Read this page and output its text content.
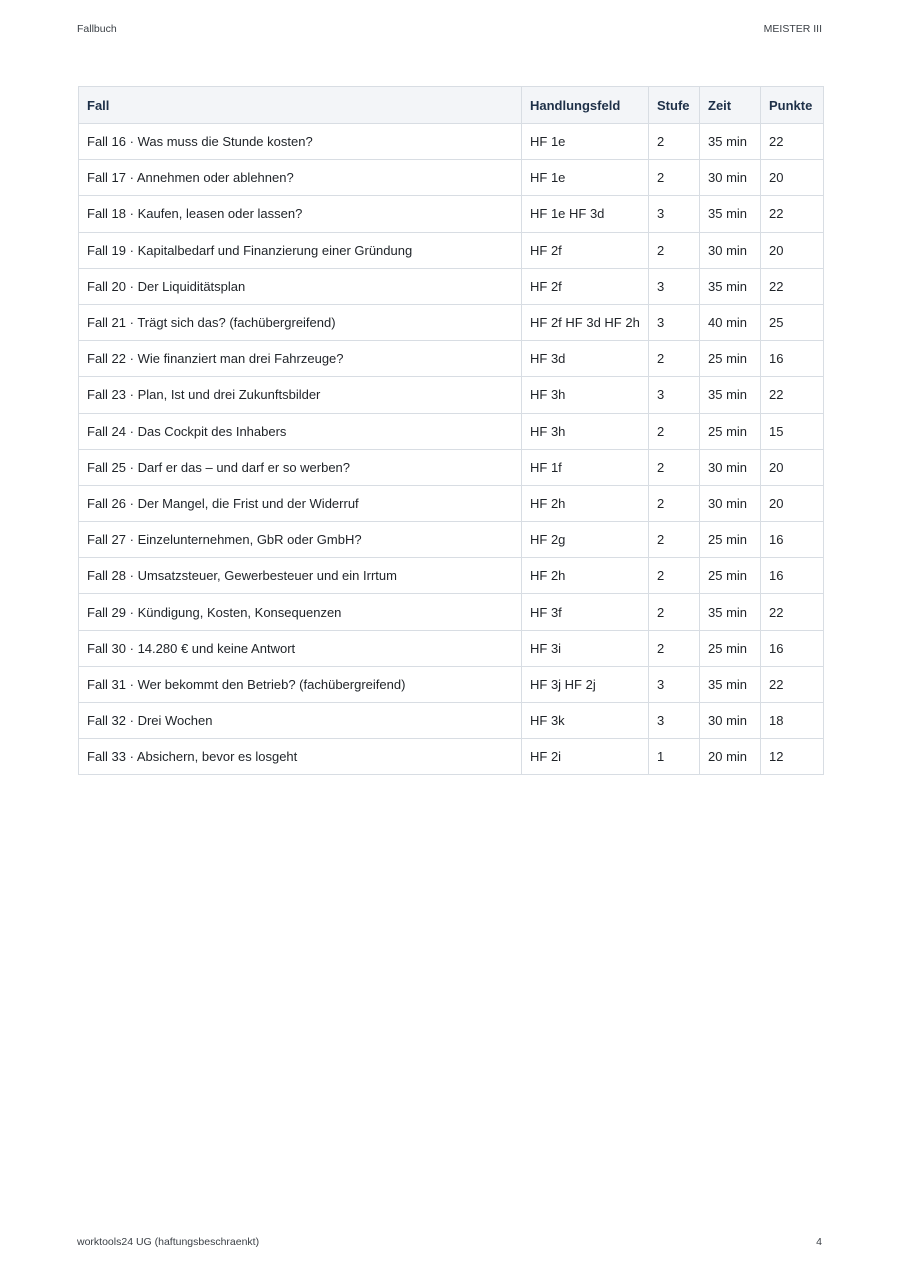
Fallbuch	MEISTER III
Fall	Handlungsfeld	Stufe	Zeit	Punkte
Fall 16 · Was muss die Stunde kosten?	HF 1e	2	35 min	22
Fall 17 · Annehmen oder ablehnen?	HF 1e	2	30 min	20
Fall 18 · Kaufen, leasen oder lassen?	HF 1e HF 3d	3	35 min	22
Fall 19 · Kapitalbedarf und Finanzierung einer Gründung	HF 2f	2	30 min	20
Fall 20 · Der Liquiditätsplan	HF 2f	3	35 min	22
Fall 21 · Trägt sich das? (fachübergreifend)	HF 2f HF 3d HF 2h	3	40 min	25
Fall 22 · Wie finanziert man drei Fahrzeuge?	HF 3d	2	25 min	16
Fall 23 · Plan, Ist und drei Zukunftsbilder	HF 3h	3	35 min	22
Fall 24 · Das Cockpit des Inhabers	HF 3h	2	25 min	15
Fall 25 · Darf er das – und darf er so werben?	HF 1f	2	30 min	20
Fall 26 · Der Mangel, die Frist und der Widerruf	HF 2h	2	30 min	20
Fall 27 · Einzelunternehmen, GbR oder GmbH?	HF 2g	2	25 min	16
Fall 28 · Umsatzsteuer, Gewerbesteuer und ein Irrtum	HF 2h	2	25 min	16
Fall 29 · Kündigung, Kosten, Konsequenzen	HF 3f	2	35 min	22
Fall 30 · 14.280 € und keine Antwort	HF 3i	2	25 min	16
Fall 31 · Wer bekommt den Betrieb? (fachübergreifend)	HF 3j HF 2j	3	35 min	22
Fall 32 · Drei Wochen	HF 3k	3	30 min	18
Fall 33 · Absichern, bevor es losgeht	HF 2i	1	20 min	12
worktools24 UG (haftungsbeschraenkt)	4
